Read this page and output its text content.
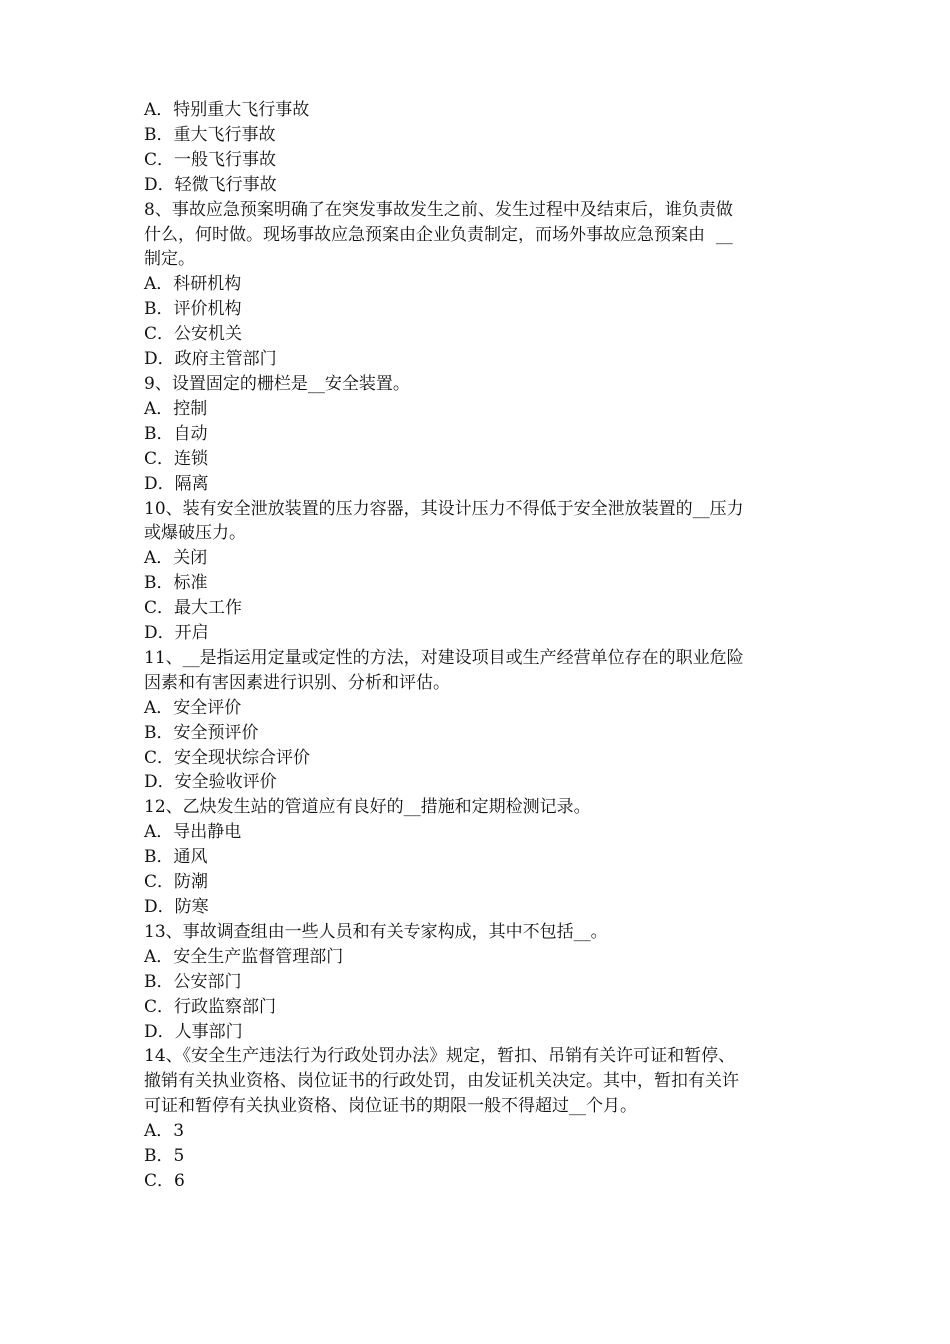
A．特别重大飞行事故
B．重大飞行事故
C．一般飞行事故
D．轻微飞行事故
8、事故应急预案明确了在突发事故发生之前、发生过程中及结束后，谁负责做
什么，何时做。现场事故应急预案由企业负责制定，而场外事故应急预案由  __
制定。
A．科研机构
B．评价机构
C．公安机关
D．政府主管部门
9、设置固定的栅栏是__安全装置。
A．控制
B．自动
C．连锁
D．隔离
10、装有安全泄放装置的压力容器，其设计压力不得低于安全泄放装置的__压力
或爆破压力。
A．关闭
B．标准
C．最大工作
D．开启
11、__是指运用定量或定性的方法，对建设项目或生产经营单位存在的职业危险
因素和有害因素进行识别、分析和评估。
A．安全评价
B．安全预评价
C．安全现状综合评价
D．安全验收评价
12、乙炔发生站的管道应有良好的__措施和定期检测记录。
A．导出静电
B．通风
C．防潮
D．防寒
13、事故调查组由一些人员和有关专家构成，其中不包括__。
A．安全生产监督管理部门
B．公安部门
C．行政监察部门
D．人事部门
14、《安全生产违法行为行政处罚办法》规定，暂扣、吊销有关许可证和暂停、
撤销有关执业资格、岗位证书的行政处罚，由发证机关决定。其中，暂扣有关许
可证和暂停有关执业资格、岗位证书的期限一般不得超过__个月。
A．3
B．5
C．6
